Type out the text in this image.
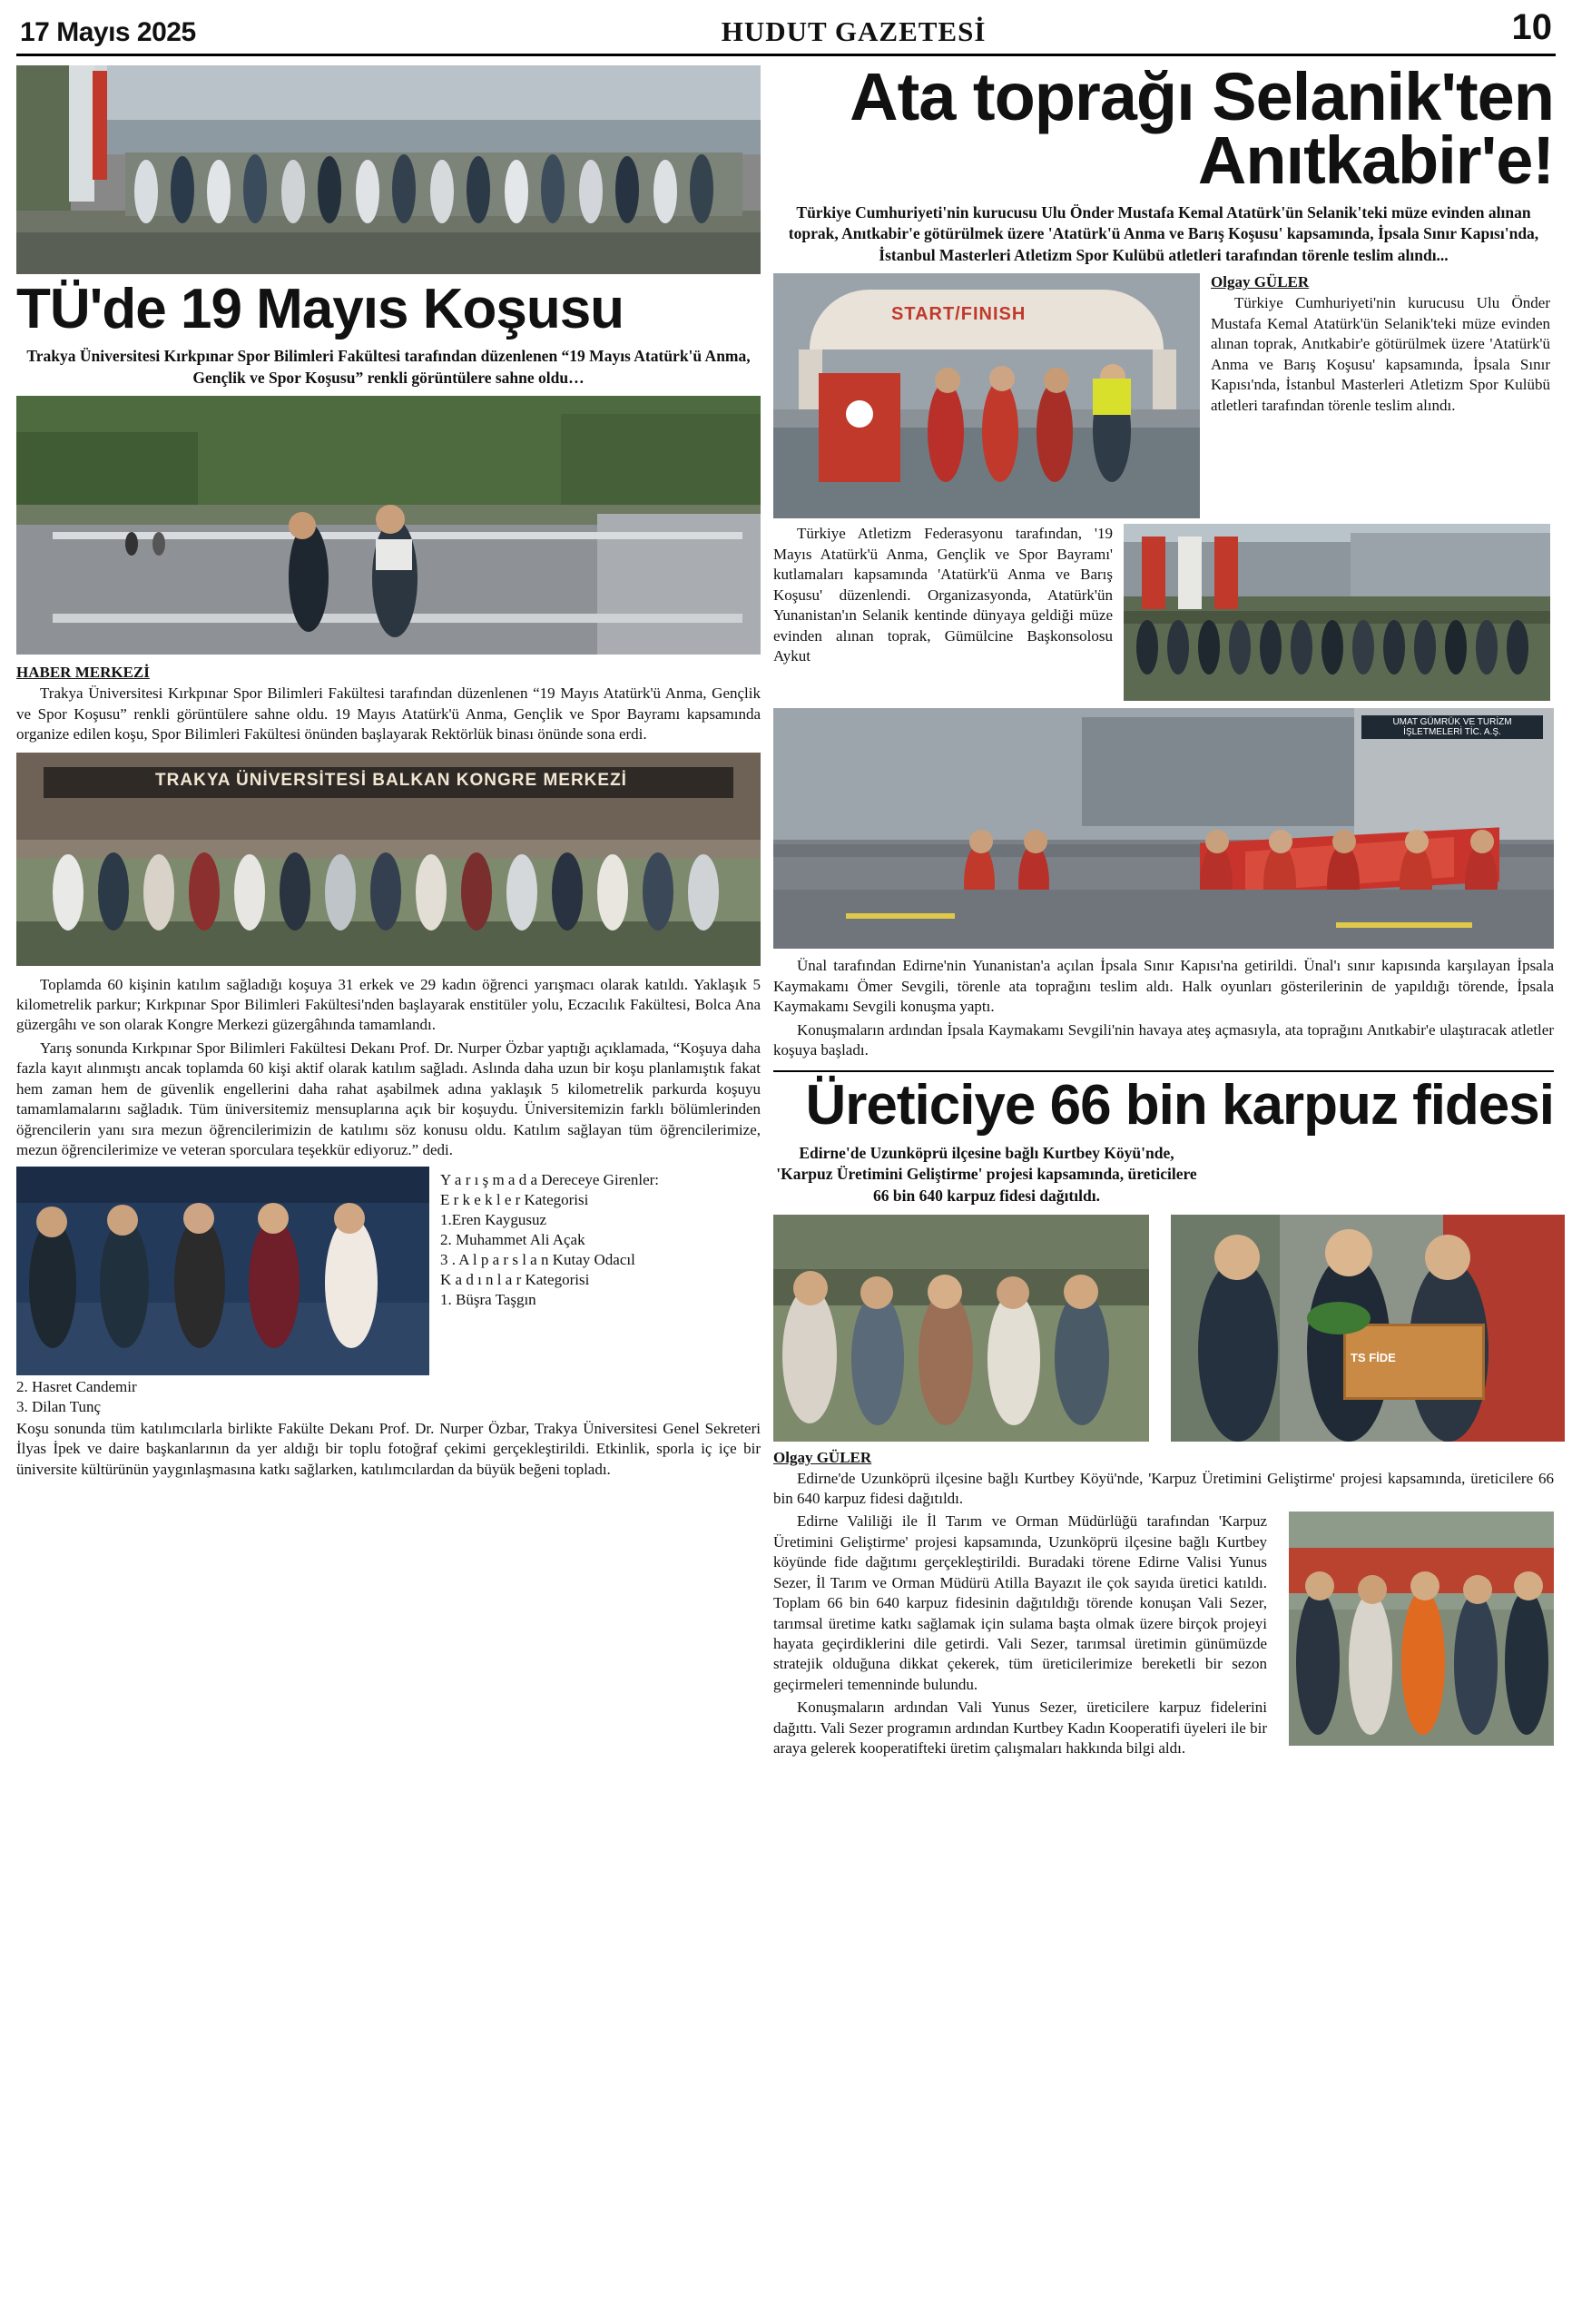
17 Mayıs 2025	HUDUT GAZETESİ	10
TÜ'de 19 Mayıs Koşusu
Trakya Üniversitesi Kırkpınar Spor Bilimleri Fakültesi tarafından düzenlenen “19 Mayıs Atatürk'ü Anma, Gençlik ve Spor Koşusu” renkli görüntülere sahne oldu…
HABER MERKEZİ

Trakya Üniversitesi Kırkpınar Spor Bilimleri Fakültesi tarafından düzenlenen “19 Mayıs Atatürk'ü Anma, Gençlik ve Spor Koşusu” renkli görüntülere sahne oldu. 19 Mayıs Atatürk'ü Anma, Gençlik ve Spor Bayramı kapsamında organize edilen koşu, Spor Bilimleri Fakültesi önünden başlayarak Rektörlük binası önünde sona erdi.

TRAKYA ÜNİVERSİTESİ BALKAN KONGRE MERKEZİ

Toplamda 60 kişinin katılım sağladığı koşuya 31 erkek ve 29 kadın öğrenci yarışmacı olarak katıldı. Yaklaşık 5 kilometrelik parkur; Kırkpınar Spor Bilimleri Fakültesi'nden başlayarak enstitüler yolu, Eczacılık Fakültesi, Bolca Ana güzergâhı ve son olarak Kongre Merkezi güzergâhında tamamlandı.

Yarış sonunda Kırkpınar Spor Bilimleri Fakültesi Dekanı Prof. Dr. Nurper Özbar yaptığı açıklamada, “Koşuya daha fazla kayıt alınmıştı ancak toplamda 60 kişi aktif olarak katılım sağladı. Aslında daha uzun bir koşu planlamıştık fakat hem zaman hem de güvenlik engellerini daha rahat aşabilmek adına yaklaşık 5 kilometrelik parkurda koşuyu tamamlamalarını sağladık. Tüm üniversitemiz mensuplarına açık bir koşuydu. Üniversitemizin farklı bölümlerinden öğrencilerin yanı sıra mezun öğrencilerimizin de katılımı söz konusu oldu. Katılım sağlayan tüm öğrencilerimize, mezun öğrencilerimize ve veteran sporculara teşekkür ediyoruz.” dedi.

Y a r ı ş m a d a Dereceye Girenler:
E r k e k l e r Kategorisi
1.Eren Kaygusuz
2. Muhammet Ali Açak
3 . A l p a r s l a n Kutay Odacıl
K a d ı n l a r Kategorisi
1. Büşra Taşgın
2. Hasret Candemir
3. Dilan Tunç

Koşu sonunda tüm katılımcılarla birlikte Fakülte Dekanı Prof. Dr. Nurper Özbar, Trakya Üniversitesi Genel Sekreteri İlyas İpek ve daire başkanlarının da yer aldığı bir toplu fotoğraf çekimi gerçekleştirildi. Etkinlik, sporla iç içe bir üniversite kültürünün yaygınlaşmasına katkı sağlarken, katılımcılardan da büyük beğeni topladı.

Ata toprağı Selanik'ten Anıtkabir'e!
Türkiye Cumhuriyeti'nin kurucusu Ulu Önder Mustafa Kemal Atatürk'ün Selanik'teki müze evinden alınan toprak, Anıtkabir'e götürülmek üzere 'Atatürk'ü Anma ve Barış Koşusu' kapsamında, İpsala Sınır Kapısı'nda, İstanbul Masterleri Atletizm Spor Kulübü atletleri tarafından törenle teslim alındı...
START/FINISH
Olgay GÜLER

Türkiye Cumhuriyeti'nin kurucusu Ulu Önder Mustafa Kemal Atatürk'ün Selanik'teki müze evinden alınan toprak, Anıtkabir'e götürülmek üzere 'Atatürk'ü Anma ve Barış Koşusu' kapsamında, İpsala Sınır Kapısı'nda, İstanbul Masterleri Atletizm Spor Kulübü atletleri tarafından törenle teslim alındı.

Türkiye Atletizm Federasyonu tarafından, '19 Mayıs Atatürk'ü Anma, Gençlik ve Spor Bayramı' kutlamaları kapsamında 'Atatürk'ü Anma ve Barış Koşusu' düzenlendi. Organizasyonda, Atatürk'ün Yunanistan'ın Selanik kentinde dünyaya geldiği müze evinden alınan toprak, Gümülcine Başkonsolosu Aykut

UMAT GÜMRÜK VE TURİZM İŞLETMELERİ TİC. A.Ş.

Ünal tarafından Edirne'nin Yunanistan'a açılan İpsala Sınır Kapısı'na getirildi. Ünal'ı sınır kapısında karşılayan İpsala Kaymakamı Ömer Sevgili, törenle ata toprağını teslim aldı. Halk oyunları gösterilerinin de yapıldığı törende, İpsala Kaymakamı Sevgili konuşma yaptı.

Konuşmaların ardından İpsala Kaymakamı Sevgili'nin havaya ateş açmasıyla, ata toprağını Anıtkabir'e ulaştıracak atletler koşuya başladı.

Üreticiye 66 bin karpuz fidesi
Edirne'de Uzunköprü ilçesine bağlı Kurtbey Köyü'nde, 'Karpuz Üretimini Geliştirme' projesi kapsamında, üreticilere 66 bin 640 karpuz fidesi dağıtıldı.
TS FİDE
Olgay GÜLER

Edirne'de Uzunköprü ilçesine bağlı Kurtbey Köyü'nde, 'Karpuz Üretimini Geliştirme' projesi kapsamında, üreticilere 66 bin 640 karpuz fidesi dağıtıldı.

Edirne Valiliği ile İl Tarım ve Orman Müdürlüğü tarafından 'Karpuz Üretimini Geliştirme' projesi kapsamında, Uzunköprü ilçesine bağlı Kurtbey köyünde fide dağıtımı gerçekleştirildi. Buradaki törene Edirne Valisi Yunus Sezer, İl Tarım ve Orman Müdürü Atilla Bayazıt ile çok sayıda üretici katıldı. Toplam 66 bin 640 karpuz fidesinin dağıtıldığı törende konuşan Vali Sezer, tarımsal üretime katkı sağlamak için sulama başta olmak üzere birçok projeyi hayata geçirdiklerini dile getirdi. Vali Sezer, tarımsal üretimin günümüzde stratejik olduğuna dikkat çekerek, tüm üreticilerimize bereketli bir sezon geçirmeleri temenninde bulundu.

Konuşmaların ardından Vali Yunus Sezer, üreticilere karpuz fidelerini dağıttı. Vali Sezer programın ardından Kurtbey Kadın Kooperatifi üyeleri ile bir araya gelerek kooperatifteki üretim çalışmaları hakkında bilgi aldı.
